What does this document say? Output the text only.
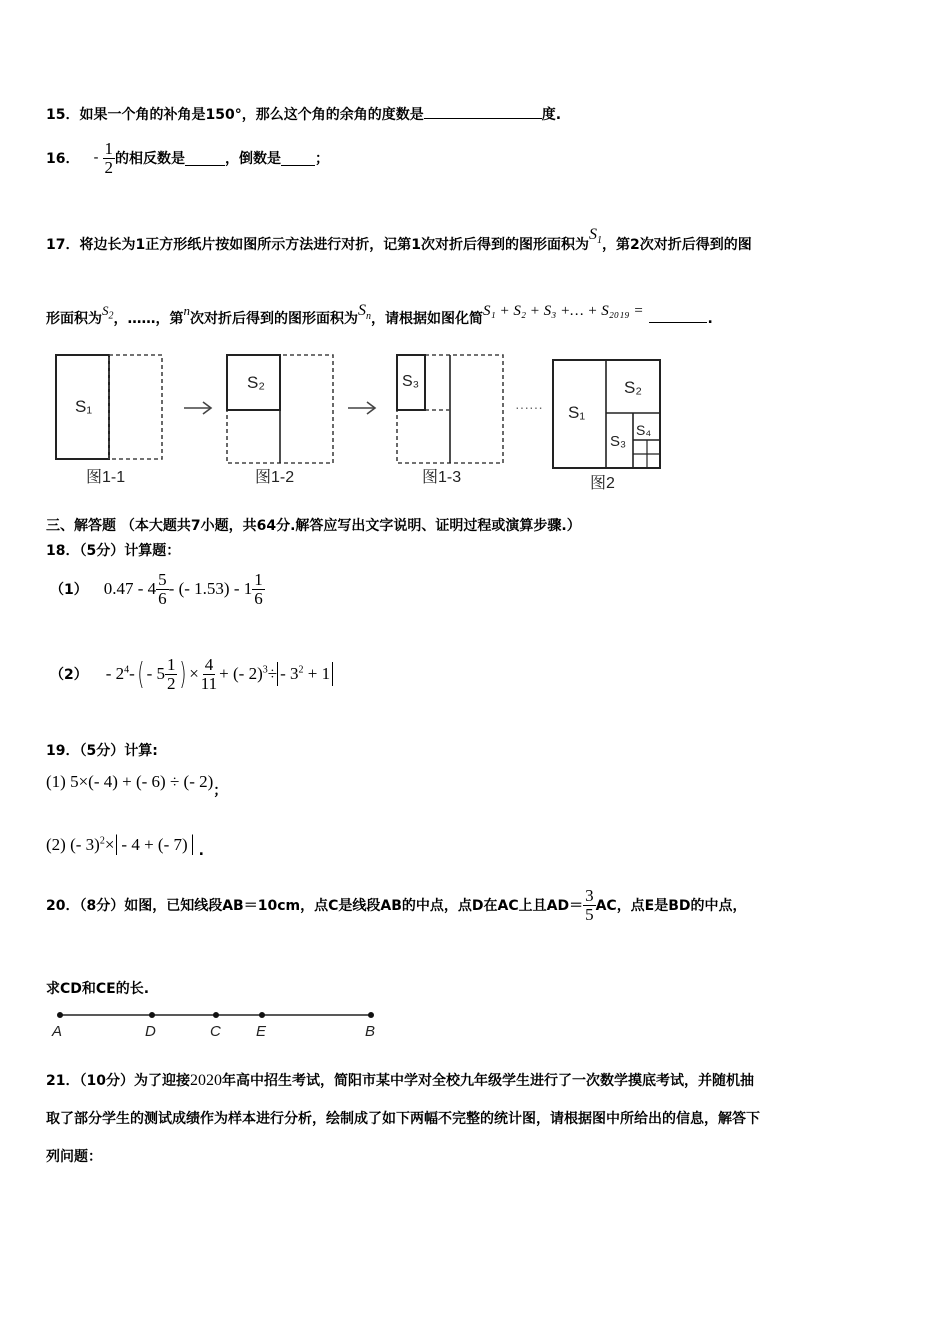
15．如果一个角的补角是150°，那么这个角的余角的度数是	度.
16． - $\frac{1}{2}$ 的相反数是	，倒数是 ；
17．将边长为1正方形纸片按如图所示方法进行对折，记第1次对折后得到的图形面积为$S_1$，第2次对折后得到的图
形面积为$S_2$，……，第n次对折后得到的图形面积为$S_n$，请根据如图化简S₁ + S₂ + S₃ +… + S₂₀₁₉ =	.
S₁
图1-1
S₂
图1-2
S₃
图1-3
······ S₁
S₂
S₃
S₄
图2
三、解答题 （本大题共7小题，共64分.解答应写出文字说明、证明过程或演算步骤.）
18．（5分）计算题：
（1） $0.47 - 4 \frac{5}{6}$ - (- $1.53) - 1 \frac{1}{6}$
$(2) - 2^4$ - ( - $5 \frac{1}{2}$ ) × $\frac{4}{11}$ + (- 2)$^3$ ÷ - $3^2 + 1$
19．（5分）计算:
(1) 5×(- 4) + (- 6) ÷ (- 2) ；
(2) (- 3)$^2$ × - 4 + (- 7) .
20．（8分）如图，已知线段AB＝10cm，点C是线段AB的中点，点D在AC上且$AD= \frac{3}{5}$ AC，点E是BD的中点，
求CD和CE的长.
A	D	C E	B
21．（10分）为了迎接2020年高中招生考试，简阳市某中学对全校九年级学生进行了一次数学摸底考试，并随机抽
取了部分学生的测试成绩作为样本进行分析，绘制成了如下两幅不完整的统计图，请根据图中所给出的信息，解答下
列问题：
